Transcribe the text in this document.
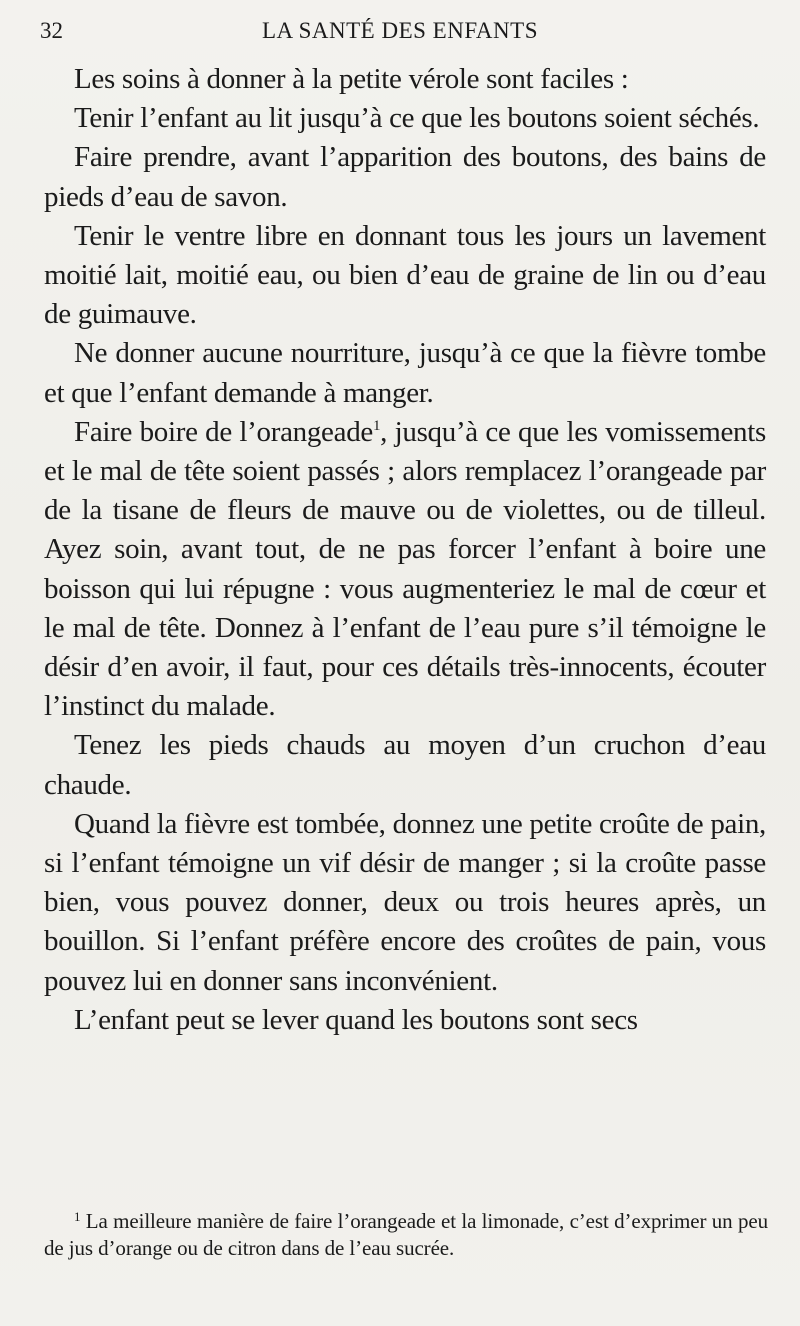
32	LA SANTÉ DES ENFANTS

Les soins à donner à la petite vérole sont faciles :

Tenir l’enfant au lit jusqu’à ce que les boutons soient séchés.

Faire prendre, avant l’apparition des boutons, des bains de pieds d’eau de savon.

Tenir le ventre libre en donnant tous les jours un lavement moitié lait, moitié eau, ou bien d’eau de graine de lin ou d’eau de guimauve.

Ne donner aucune nourriture, jusqu’à ce que la fièvre tombe et que l’enfant demande à manger.

Faire boire de l’orangeade$^1$, jusqu’à ce que les vomissements et le mal de tête soient passés ; alors remplacez l’orangeade par de la tisane de fleurs de mauve ou de violettes, ou de tilleul. Ayez soin, avant tout, de ne pas forcer l’enfant à boire une boisson qui lui répugne : vous augmenteriez le mal de cœur et le mal de tête. Donnez à l’enfant de l’eau pure s’il témoigne le désir d’en avoir, il faut, pour ces détails très-innocents, écouter l’instinct du malade.

Tenez les pieds chauds au moyen d’un cruchon d’eau chaude.

Quand la fièvre est tombée, donnez une petite croûte de pain, si l’enfant témoigne un vif désir de manger ; si la croûte passe bien, vous pouvez donner, deux ou trois heures après, un bouillon. Si l’enfant préfère encore des croûtes de pain, vous pouvez lui en donner sans inconvénient.

L’enfant peut se lever quand les boutons sont secs

$^1$ La meilleure manière de faire l’orangeade et la limonade, c’est d’exprimer un peu de jus d’orange ou de citron dans de l’eau sucrée.
